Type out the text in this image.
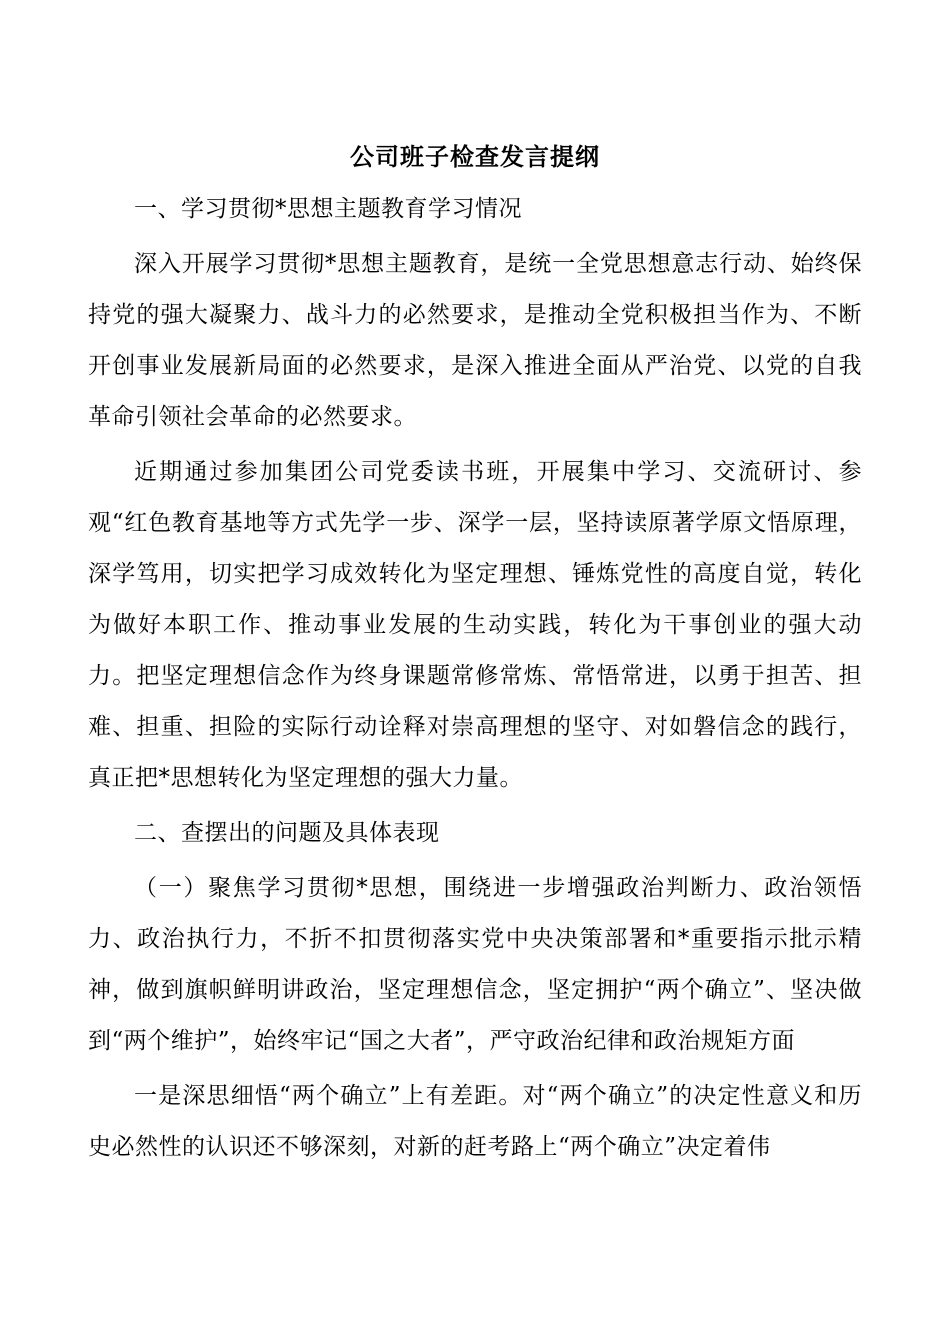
公司班子检查发言提纲
一、学习贯彻*思想主题教育学习情况
深入开展学习贯彻*思想主题教育，是统一全党思想意志行动、始终保持党的强大凝聚力、战斗力的必然要求，是推动全党积极担当作为、不断开创事业发展新局面的必然要求，是深入推进全面从严治党、以党的自我革命引领社会革命的必然要求。
近期通过参加集团公司党委读书班，开展集中学习、交流研讨、参观“红色教育基地等方式先学一步、深学一层，坚持读原著学原文悟原理，深学笃用，切实把学习成效转化为坚定理想、锤炼党性的高度自觉，转化为做好本职工作、推动事业发展的生动实践，转化为干事创业的强大动力。把坚定理想信念作为终身课题常修常炼、常悟常进，以勇于担苦、担难、担重、担险的实际行动诠释对崇高理想的坚守、对如磐信念的践行，真正把*思想转化为坚定理想的强大力量。
二、查摆出的问题及具体表现
（一）聚焦学习贯彻*思想，围绕进一步增强政治判断力、政治领悟力、政治执行力，不折不扣贯彻落实党中央决策部署和*重要指示批示精神，做到旗帜鲜明讲政治，坚定理想信念，坚定拥护“两个确立”、坚决做到“两个维护”，始终牢记“国之大者”，严守政治纪律和政治规矩方面
一是深思细悟“两个确立”上有差距。对“两个确立”的决定性意义和历史必然性的认识还不够深刻，对新的赶考路上“两个确立”决定着伟
